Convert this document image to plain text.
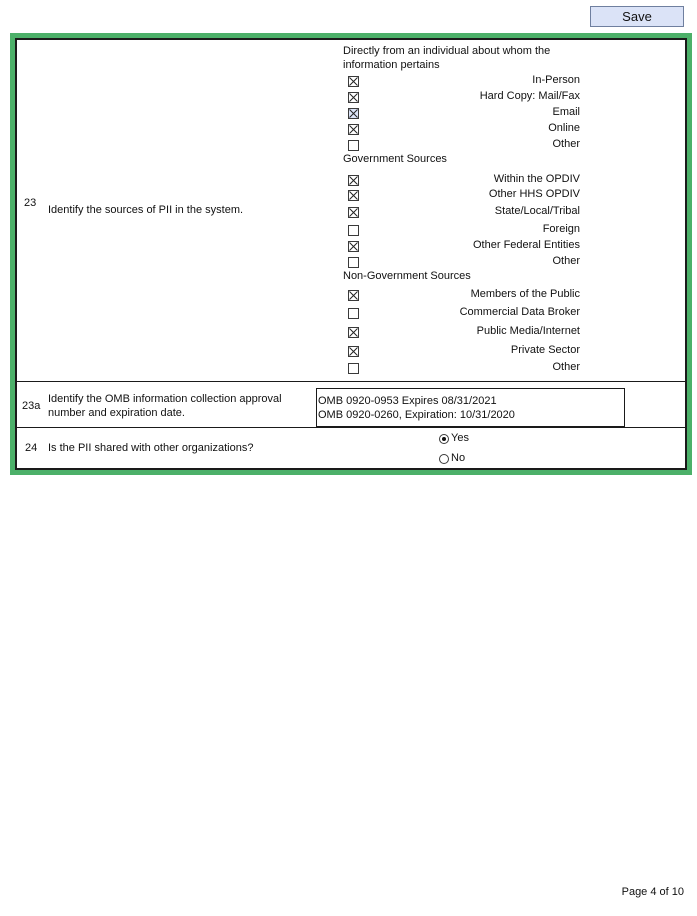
Save
23
Identify the sources of PII in the system.
Directly from an individual about whom the
information pertains
In-Person
Hard Copy: Mail/Fax
Email
Online
Other
Government Sources
Within the OPDIV
Other HHS OPDIV
State/Local/Tribal
Foreign
Other Federal Entities
Other
Non-Government Sources
Members of the Public
Commercial Data Broker
Public Media/Internet
Private Sector
Other
23a
Identify the OMB information collection approval
number and expiration date.
OMB 0920-0953 Expires 08/31/2021
OMB 0920-0260, Expiration: 10/31/2020
24 Is the PII shared with other organizations?
Yes
No
Page 4 of 10
